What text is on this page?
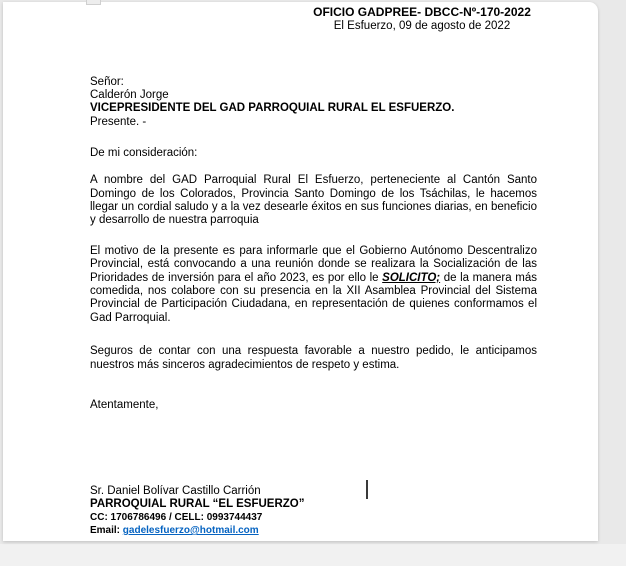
OFICIO GADPREE- DBCC-Nº-170-2022
El Esfuerzo, 09 de agosto de 2022
Señor:
Calderón Jorge
VICEPRESIDENTE DEL GAD PARROQUIAL RURAL EL ESFUERZO.
Presente. -

De mi consideración:

A nombre del GAD Parroquial Rural El Esfuerzo, perteneciente al Cantón Santo Domingo de los Colorados, Provincia Santo Domingo de los Tsáchilas, le hacemos llegar un cordial saludo y a la vez desearle éxitos en sus funciones diarias, en beneficio y desarrollo de nuestra parroquia

El motivo de la presente es para informarle que el Gobierno Autónomo Descentralizo Provincial, está convocando a una reunión donde se realizara la Socialización de las Prioridades de inversión para el año 2023, es por ello le SOLICITO; de la manera más comedida, nos colabore con su presencia en la XII Asamblea Provincial del Sistema Provincial de Participación Ciudadana, en representación de quienes conformamos el Gad Parroquial.

Seguros de contar con una respuesta favorable a nuestro pedido, le anticipamos nuestros más sinceros agradecimientos de respeto y estima.

Atentamente,

Sr. Daniel Bolívar Castillo Carrión
PARROQUIAL RURAL “EL ESFUERZO”
CC: 1706786496 / CELL: 0993744437
Email: gadelesfuerzo@hotmail.com
